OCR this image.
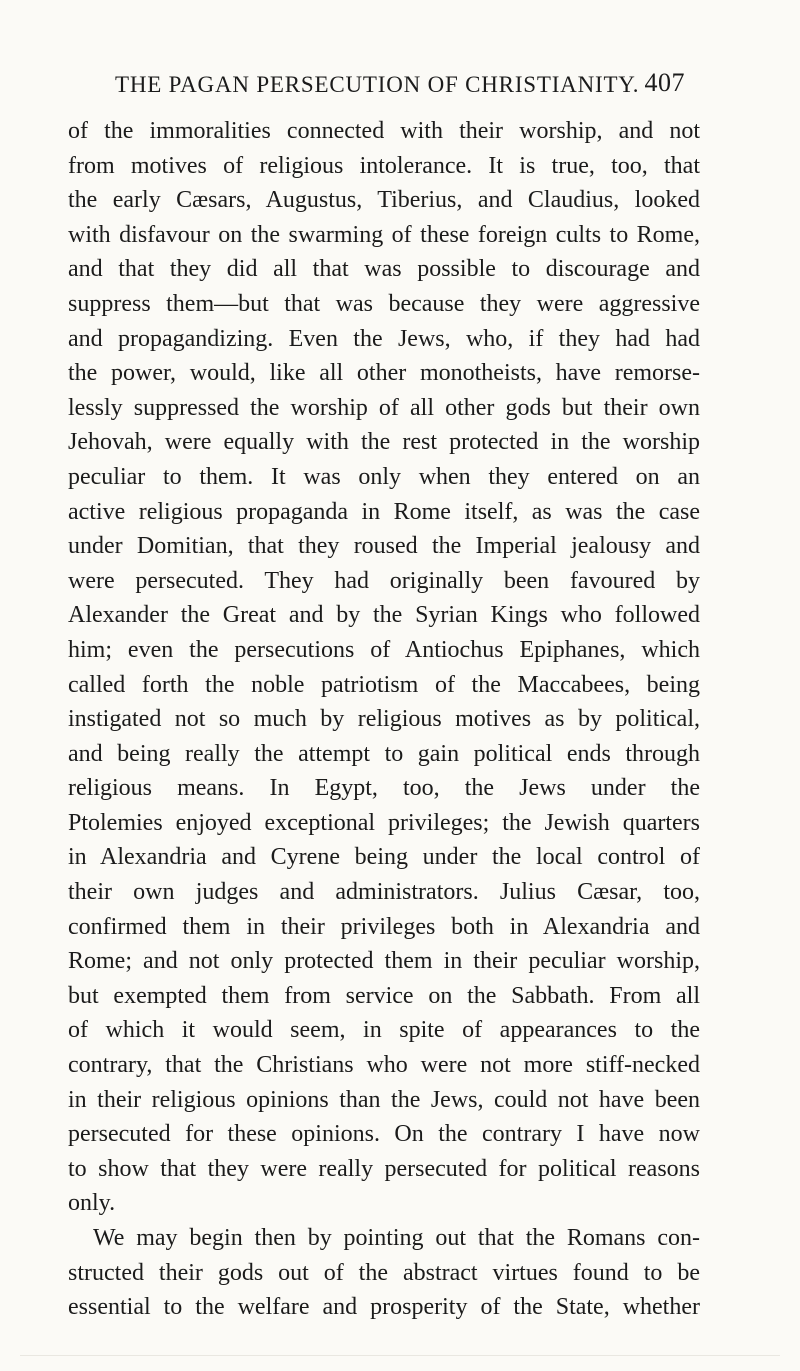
THE PAGAN PERSECUTION OF CHRISTIANITY. 407
of the immoralities connected with their worship, and not
from motives of religious intolerance. It is true, too, that
the early Cæsars, Augustus, Tiberius, and Claudius, looked
with disfavour on the swarming of these foreign cults to Rome,
and that they did all that was possible to discourage and
suppress them—but that was because they were aggressive
and propagandizing. Even the Jews, who, if they had had
the power, would, like all other monotheists, have remorse-
lessly suppressed the worship of all other gods but their own
Jehovah, were equally with the rest protected in the worship
peculiar to them. It was only when they entered on an
active religious propaganda in Rome itself, as was the case
under Domitian, that they roused the Imperial jealousy and
were persecuted. They had originally been favoured by
Alexander the Great and by the Syrian Kings who followed
him; even the persecutions of Antiochus Epiphanes, which
called forth the noble patriotism of the Maccabees, being
instigated not so much by religious motives as by political,
and being really the attempt to gain political ends through
religious means. In Egypt, too, the Jews under the
Ptolemies enjoyed exceptional privileges; the Jewish quarters
in Alexandria and Cyrene being under the local control of
their own judges and administrators. Julius Cæsar, too,
confirmed them in their privileges both in Alexandria and
Rome; and not only protected them in their peculiar worship,
but exempted them from service on the Sabbath. From all
of which it would seem, in spite of appearances to the
contrary, that the Christians who were not more stiff-necked
in their religious opinions than the Jews, could not have been
persecuted for these opinions. On the contrary I have now
to show that they were really persecuted for political reasons
only.
We may begin then by pointing out that the Romans con-
structed their gods out of the abstract virtues found to be
essential to the welfare and prosperity of the State, whether
